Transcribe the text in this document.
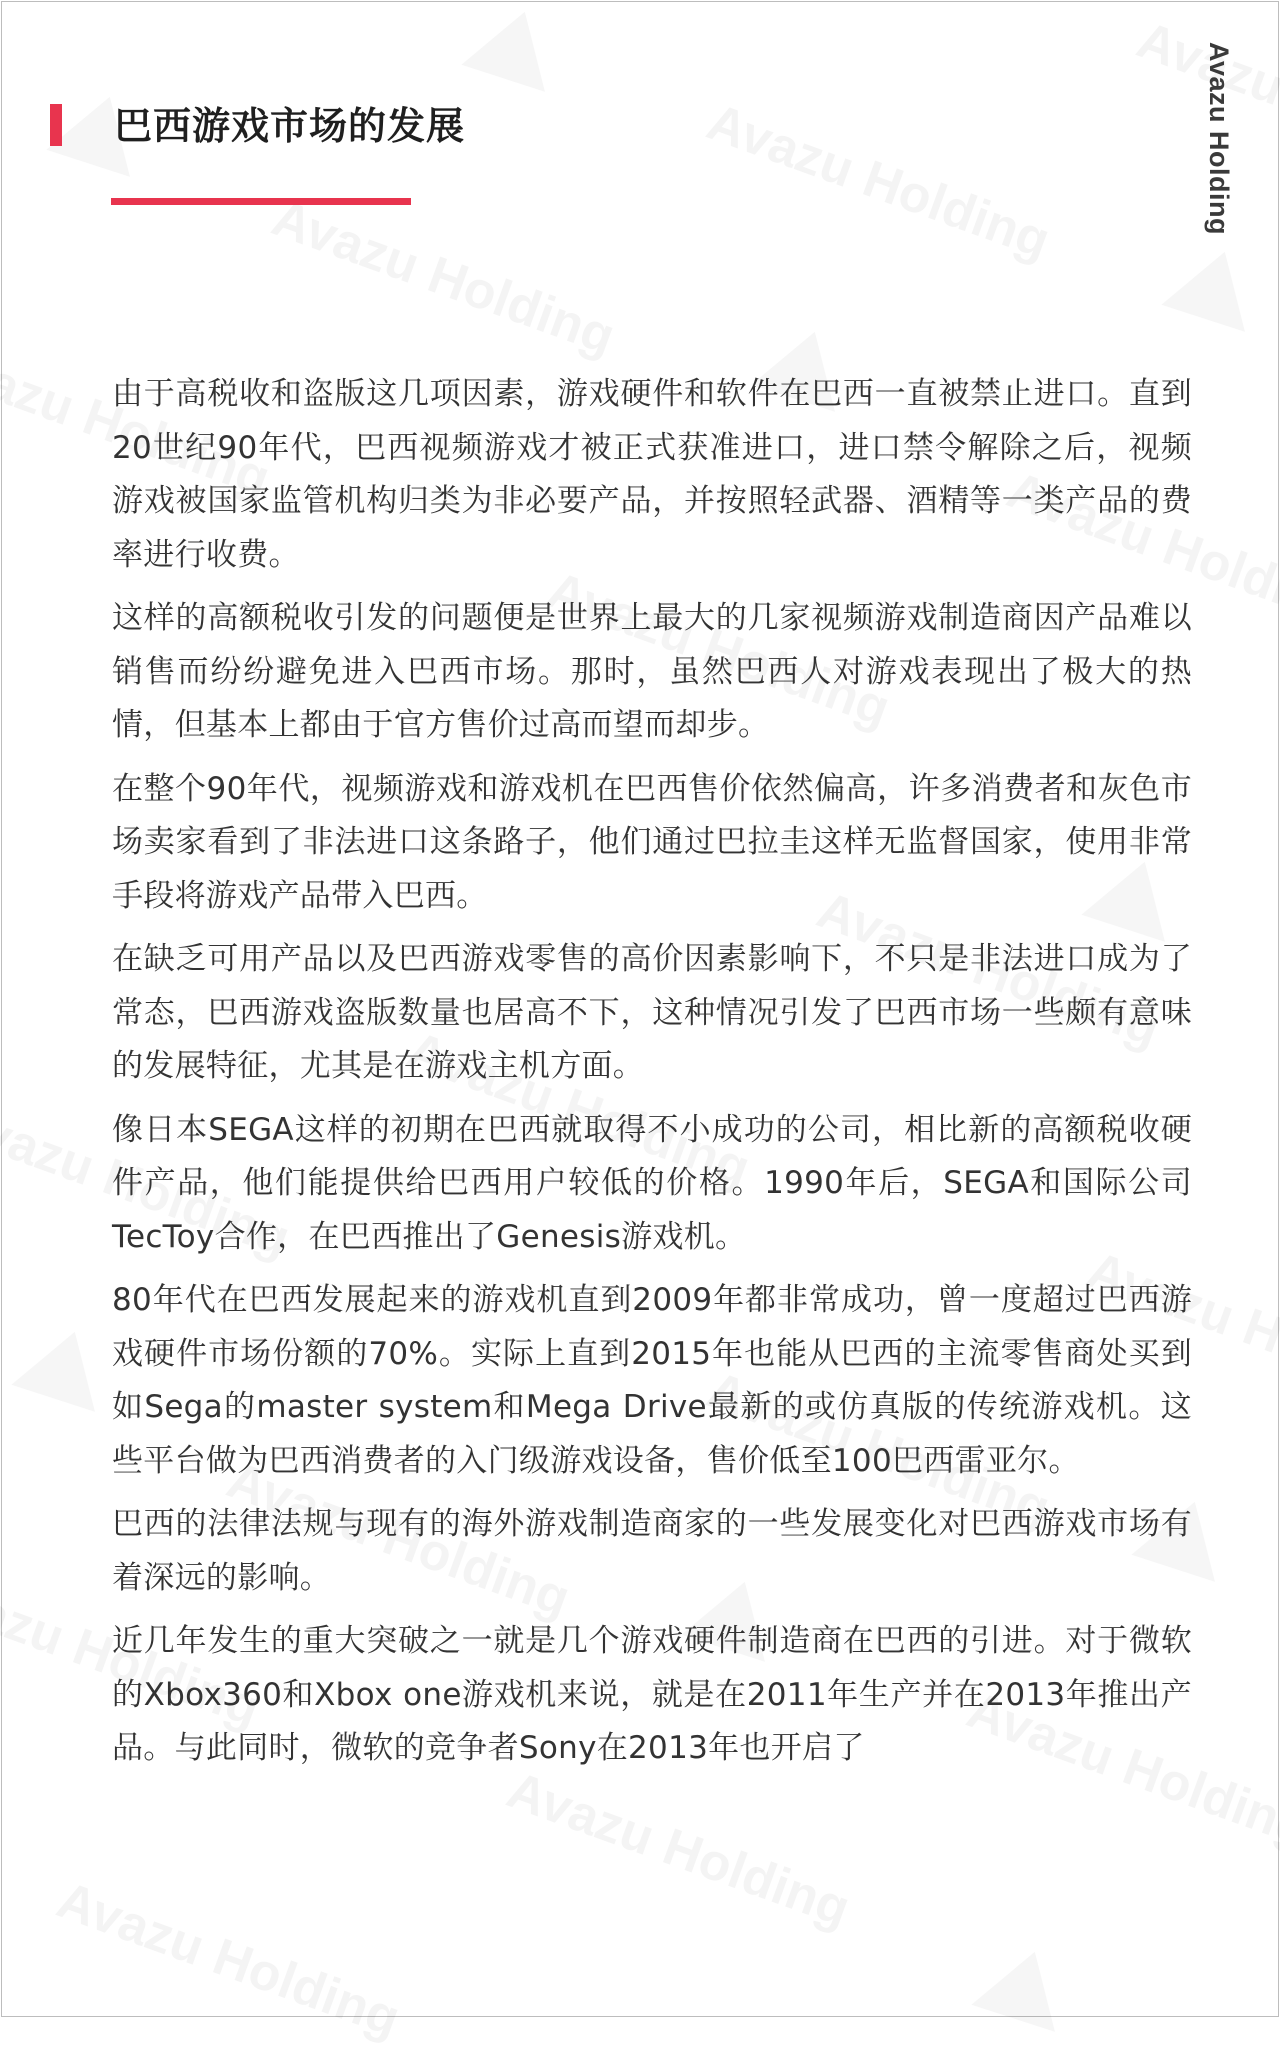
巴西游戏市场的发展	Avazu Holding

由于高税收和盗版这几项因素，游戏硬件和软件在巴西一直被禁止进口。直到20世纪90年代，巴西视频游戏才被正式获准进口，进口禁令解除之后，视频游戏被国家监管机构归类为非必要产品，并按照轻武器、酒精等一类产品的费率进行收费。

这样的高额税收引发的问题便是世界上最大的几家视频游戏制造商因产品难以销售而纷纷避免进入巴西市场。那时，虽然巴西人对游戏表现出了极大的热情，但基本上都由于官方售价过高而望而却步。

在整个90年代，视频游戏和游戏机在巴西售价依然偏高，许多消费者和灰色市场卖家看到了非法进口这条路子，他们通过巴拉圭这样无监督国家，使用非常手段将游戏产品带入巴西。

在缺乏可用产品以及巴西游戏零售的高价因素影响下，不只是非法进口成为了常态，巴西游戏盗版数量也居高不下，这种情况引发了巴西市场一些颇有意味的发展特征，尤其是在游戏主机方面。

像日本SEGA这样的初期在巴西就取得不小成功的公司，相比新的高额税收硬件产品，他们能提供给巴西用户较低的价格。1990年后，SEGA和国际公司TecToy合作，在巴西推出了Genesis游戏机。

80年代在巴西发展起来的游戏机直到2009年都非常成功，曾一度超过巴西游戏硬件市场份额的70%。实际上直到2015年也能从巴西的主流零售商处买到如Sega的master system和Mega Drive最新的或仿真版的传统游戏机。这些平台做为巴西消费者的入门级游戏设备，售价低至100巴西雷亚尔。

巴西的法律法规与现有的海外游戏制造商家的一些发展变化对巴西游戏市场有着深远的影响。

近几年发生的重大突破之一就是几个游戏硬件制造商在巴西的引进。对于微软的Xbox360和Xbox one游戏机来说，就是在2011年生产并在2013年推出产品。与此同时，微软的竞争者Sony在2013年也开启了
